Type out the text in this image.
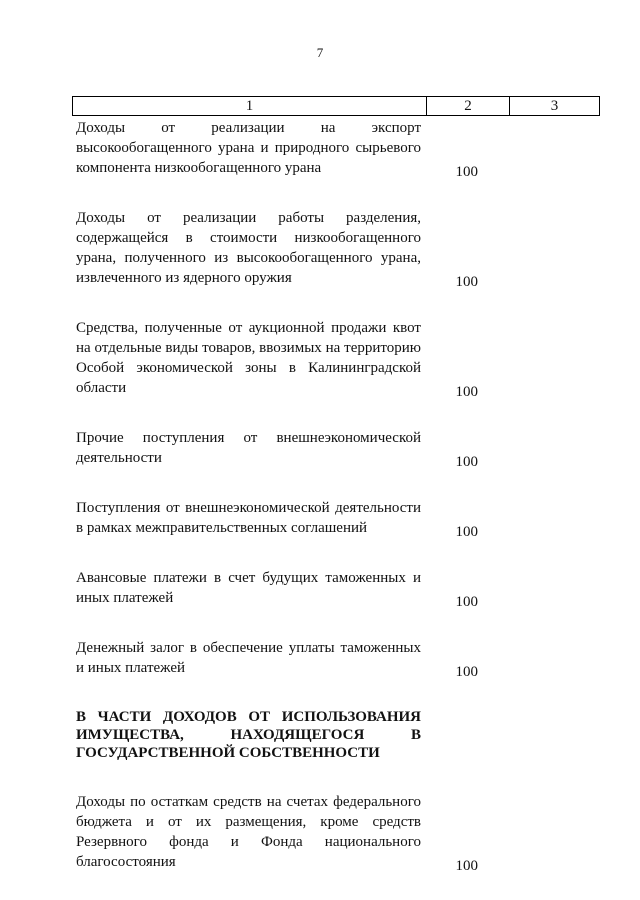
7
1	2	3
Доходы от реализации на экспорт высокообогащенного урана и природного сырьевого компонента низкообогащенного урана	100
Доходы от реализации работы разделения, содержащейся в стоимости низкообогащенного урана, полученного из высокообогащенного урана, извлеченного из ядерного оружия	100
Средства, полученные от аукционной продажи квот на отдельные виды товаров, ввозимых на территорию Особой экономической зоны в Калининградской области	100
Прочие поступления от внешнеэкономической деятельности	100
Поступления от внешнеэкономической деятельности в рамках межправительственных соглашений	100
Авансовые платежи в счет будущих таможенных и иных платежей	100
Денежный залог в обеспечение уплаты таможенных и иных платежей	100
В ЧАСТИ ДОХОДОВ ОТ ИСПОЛЬЗОВАНИЯ ИМУЩЕСТВА, НАХОДЯЩЕГОСЯ В ГОСУДАРСТВЕННОЙ СОБСТВЕННОСТИ
Доходы по остаткам средств на счетах федерального бюджета и от их размещения, кроме средств Резервного фонда и Фонда национального благосостояния	100
